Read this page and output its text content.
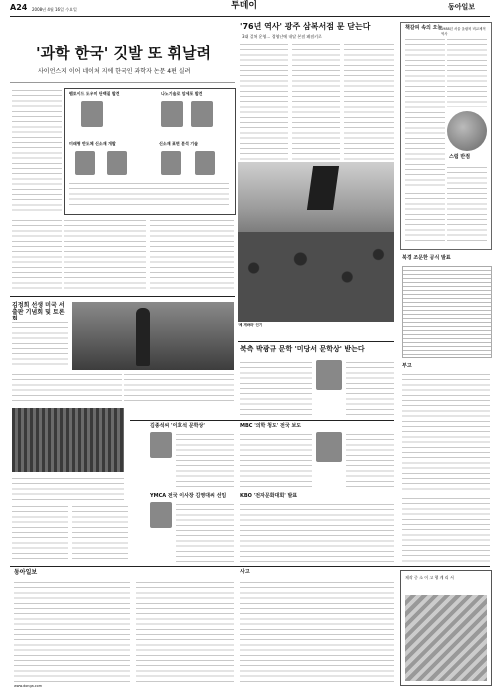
A24 2008년 4월 16일 수요일	투데이	동아일보
'과학 한국' 깃발 또 휘날려
사이언스지 이어 네이처 지에 한국인 과학자 논문 4편 실려
펩토이드 도우미 단백질 발견	나노기술로 암세포 발견
미래형 반도체 신소재 개발	신소재 표면 분석 기술
'76년 역사' 광주 삼복서점 문 닫는다
3대 걸쳐 운영… 경영난에 내달 본점 폐점키로
'체 게바라' 인기
김정희 선생 미국 서 출판 기념회 및 토론
북측 박광규 문학 '미당서 문학상' 받는다
김종석씨 '이호석 문학상'	MBC '의학 청도' 전국 보도
YMCA 전국 이사장 김영대씨 선임	KBO '전자문화대회' 발표
책갈피 속의 오늘
1988년 서울 올림픽 비교체적 역사
스럼 반점
북경 조문한 공식 발표
부고
동아일보
www.donga.com
사고
제작 중 소 이 고 행 계 리 서
